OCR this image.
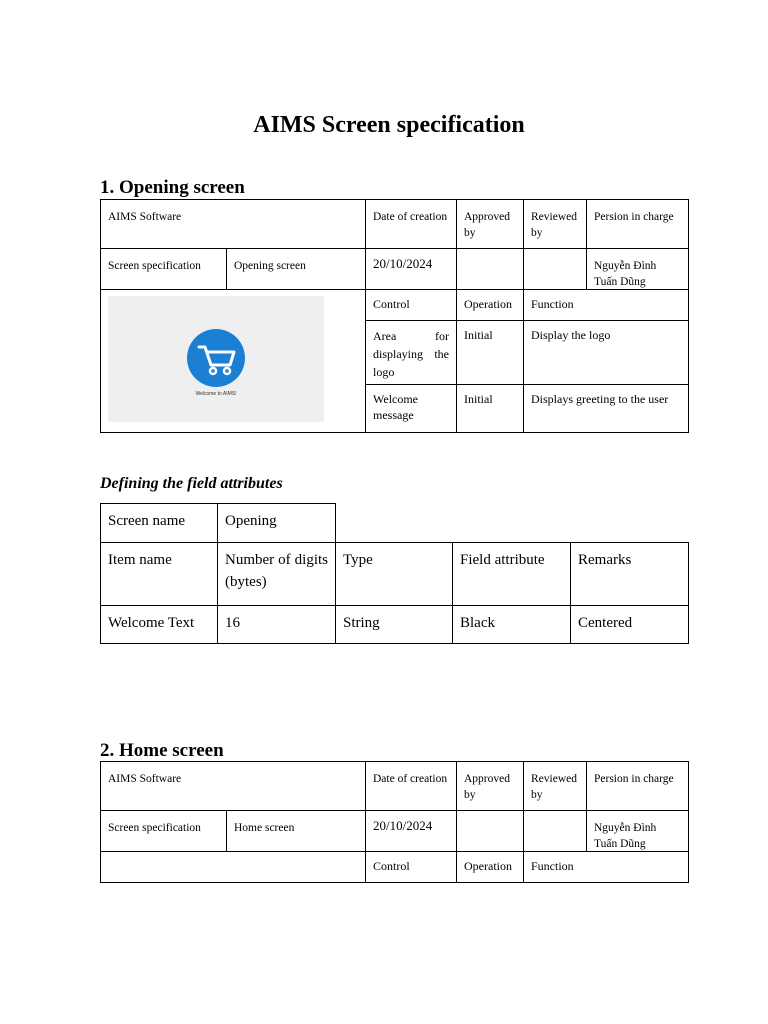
AIMS Screen specification
1. Opening screen
AIMS Software		Date of creation	Approved by	Reviewed by	Persion in charge
Screen specification	Opening screen	20/10/2024			Nguyễn Đình Tuấn Dũng

Welcome to AIMS!		Control	Operation	Function	

		Area for displaying the logo	Initial	Display the logo	
		Welcome message	Initial	Displays greeting to the user	
Defining the field attributes
Screen name	Opening			
Item name	Number of digits (bytes)	Type	Field attribute	Remarks
Welcome Text	16	String	Black	Centered
2. Home screen
AIMS Software		Date of creation	Approved by	Reviewed by	Persion in charge
Screen specification	Home screen	20/10/2024			Nguyễn Đình Tuấn Dũng
		Control	Operation	Function	
